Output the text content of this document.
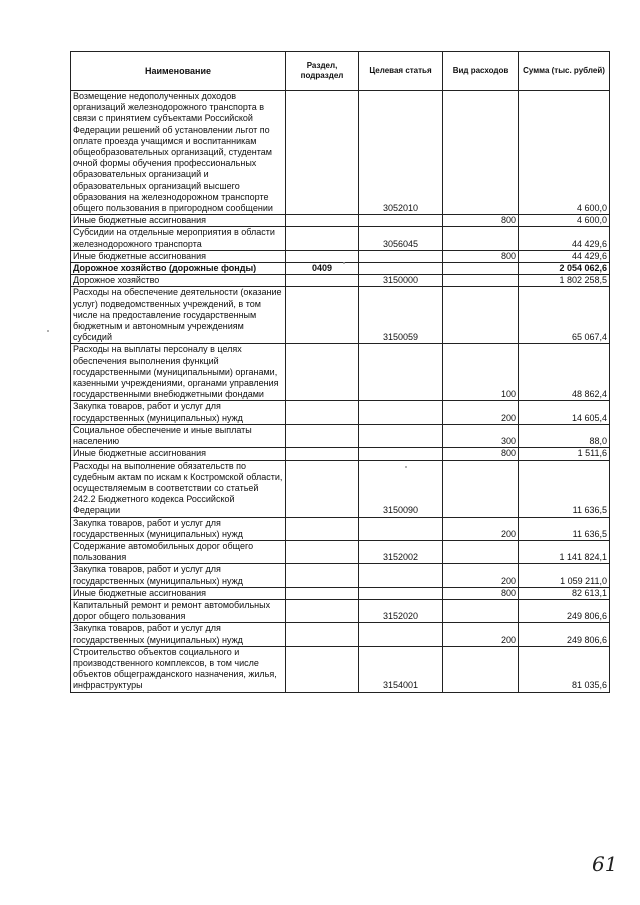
Наименование	Раздел, подраздел	Целевая статья	Вид расходов	Сумма (тыс. рублей)
Возмещение недополученных доходов организаций железнодорожного транспорта в связи с принятием субъектами Российской Федерации решений об установлении льгот по оплате проезда учащимся и воспитанникам общеобразовательных организаций, студентам очной формы обучения профессиональных образовательных организаций и образовательных организаций высшего образования на железнодорожном транспорте общего пользования в пригородном сообщении		3052010		4 600,0
Иные бюджетные ассигнования			800	4 600,0
Субсидии на отдельные мероприятия в области железнодорожного транспорта		3056045		44 429,6
Иные бюджетные ассигнования			800	44 429,6
Дорожное хозяйство (дорожные фонды)	0409			2 054 062,6
Дорожное хозяйство		3150000		1 802 258,5
Расходы на обеспечение деятельности (оказание услуг) подведомственных учреждений, в том числе на предоставление государственным бюджетным и автономным учреждениям субсидий		3150059		65 067,4
Расходы на выплаты персоналу в целях обеспечения выполнения функций государственными (муниципальными) органами, казенными учреждениями, органами управления государственными внебюджетными фондами			100	48 862,4
Закупка товаров, работ и услуг для государственных (муниципальных) нужд			200	14 605,4
Социальное обеспечение и иные выплаты населению			300	88,0
Иные бюджетные ассигнования			800	1 511,6
Расходы на выполнение обязательств по судебным актам по искам к Костромской области, осуществляемым в соответствии со статьей 242.2 Бюджетного кодекса Российской Федерации		3150090		11 636,5
Закупка товаров, работ и услуг для государственных (муниципальных) нужд			200	11 636,5
Содержание автомобильных дорог общего пользования		3152002		1 141 824,1
Закупка товаров, работ и услуг для государственных (муниципальных) нужд			200	1 059 211,0
Иные бюджетные ассигнования			800	82 613,1
Капитальный ремонт и ремонт автомобильных дорог общего пользования		3152020		249 806,6
Закупка товаров, работ и услуг для государственных (муниципальных) нужд			200	249 806,6
Строительство объектов социального и производственного комплексов, в том числе объектов общегражданского назначения, жилья, инфраструктуры		3154001		81 035,6
61
